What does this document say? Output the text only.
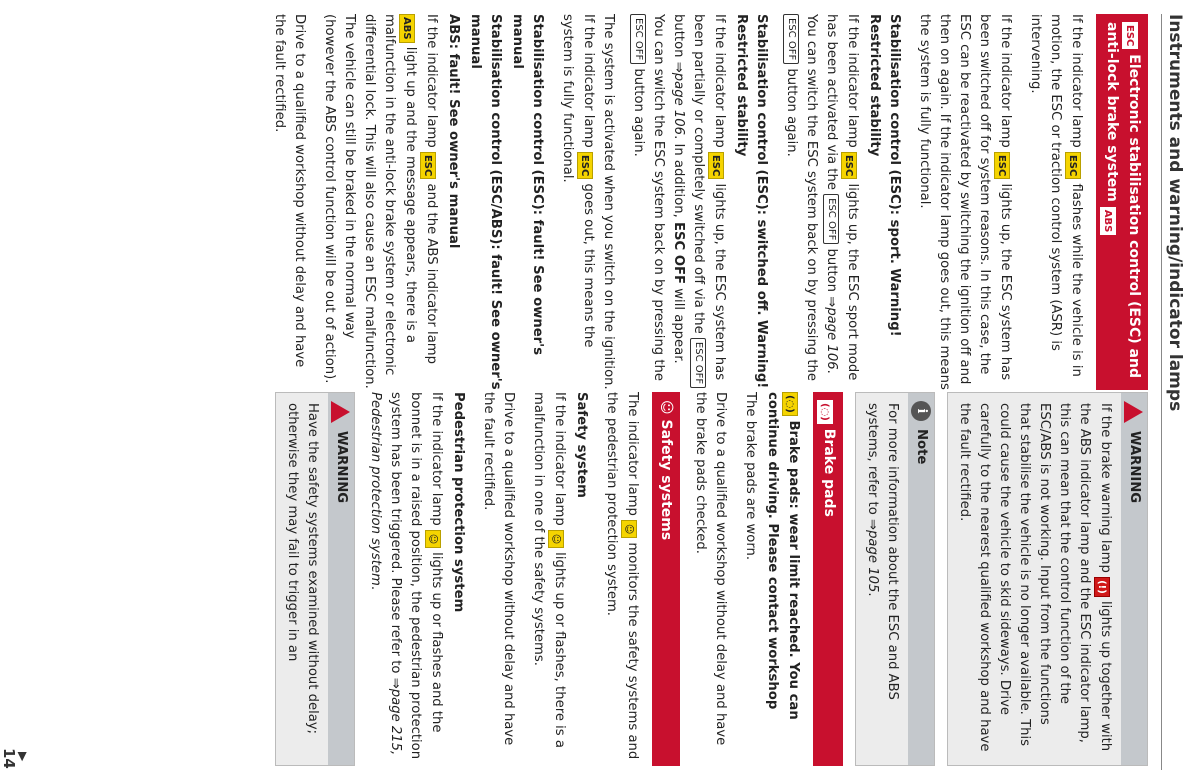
Instruments and warning/indicator lamps
ESC Electronic stabilisation control (ESC) and anti-lock brake system ABS

If the indicator lamp ESC flashes while the vehicle is in motion, the ESC or traction control system (ASR) is intervening.

If the indicator lamp ESC lights up, the ESC system has been switched off for system reasons. In this case, the ESC can be reactivated by switching the ignition off and then on again. If the indicator lamp goes out, this means the system is fully functional.

Stabilisation control (ESC): sport. Warning! Restricted stability

If the indicator lamp ESC lights up, the ESC sport mode has been activated via the ESC OFF button ⇒page 106. You can switch the ESC system back on by pressing the ESC OFF button again.

Stabilisation control (ESC): switched off. Warning! Restricted stability

If the indicator lamp ESC lights up, the ESC system has been partially or completely switched off via the ESC OFF button ⇒page 106. In addition, ESC OFF will appear. You can switch the ESC system back on by pressing the ESC OFF button again.

The system is activated when you switch on the ignition. If the indicator lamp ESC goes out, this means the system is fully functional.

Stabilisation control (ESC): fault! See owner's manual
Stabilisation control (ESC/ABS): fault! See owner's manual
ABS: fault! See owner's manual

If the indicator lamp ESC and the ABS indicator lamp ABS light up and the message appears, there is a malfunction in the anti-lock brake system or electronic differential lock. This will also cause an ESC malfunction. The vehicle can still be braked in the normal way (however the ABS control function will be out of action).

Drive to a qualified workshop without delay and have the fault rectified.

WARNING
If the brake warning lamp (!) lights up together with the ABS indicator lamp and the ESC indicator lamp, this can mean that the control function of the ESC/ABS is not working. Input from the functions that stabilise the vehicle is no longer available. This could cause the vehicle to skid sideways. Drive carefully to the nearest qualified workshop and have the fault rectified.
i
Note
For more information about the ESC and ABS systems, refer to ⇒page 105.
(◌) Brake pads
(◌) Brake pads: wear limit reached. You can continue driving. Please contact workshop

The brake pads are worn.

Drive to a qualified workshop without delay and have the brake pads checked.

☺ Safety systems

The indicator lamp ☺ monitors the safety systems and the pedestrian protection system.

Safety system

If the indicator lamp ☺ lights up or flashes, there is a malfunction in one of the safety systems.

Drive to a qualified workshop without delay and have the fault rectified.

Pedestrian protection system

If the indicator lamp ☺ lights up or flashes and the bonnet is in a raised position, the pedestrian protection system has been triggered. Please refer to ⇒page 215, Pedestrian protection system.

WARNING
Have the safety systems examined without delay; otherwise they may fail to trigger in an
▶
14
